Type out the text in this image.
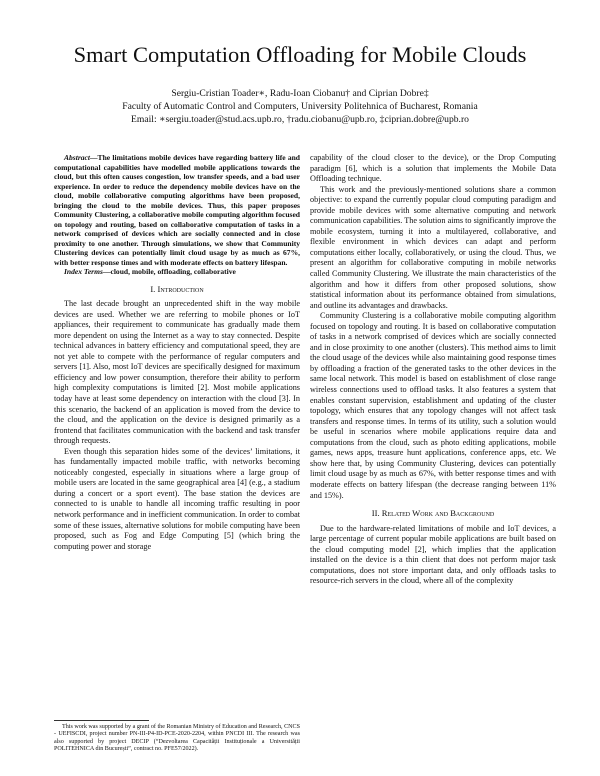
Smart Computation Offloading for Mobile Clouds
Sergiu-Cristian Toader∗, Radu-Ioan Ciobanu† and Ciprian Dobre‡
Faculty of Automatic Control and Computers, University Politehnica of Bucharest, Romania
Email: ∗sergiu.toader@stud.acs.upb.ro, †radu.ciobanu@upb.ro, ‡ciprian.dobre@upb.ro

Abstract—The limitations mobile devices have regarding battery life and computational capabilities have modelled mobile applications towards the cloud, but this often causes congestion, low transfer speeds, and a bad user experience. In order to reduce the dependency mobile devices have on the cloud, mobile collaborative computing algorithms have been proposed, bringing the cloud to the mobile devices. Thus, this paper proposes Community Clustering, a collaborative mobile computing algorithm focused on topology and routing, based on collaborative computation of tasks in a network comprised of devices which are socially connected and in close proximity to one another. Through simulations, we show that Community Clustering devices can potentially limit cloud usage by as much as 67%, with better response times and with moderate effects on battery lifespan.

Index Terms—cloud, mobile, offloading, collaborative

I. Introduction

The last decade brought an unprecedented shift in the way mobile devices are used. Whether we are referring to mobile phones or IoT appliances, their requirement to communicate has gradually made them more dependent on using the Internet as a way to stay connected. Despite technical advances in battery efficiency and computational speed, they are not yet able to compete with the performance of regular computers and servers [1]. Also, most IoT devices are specifically designed for maximum efficiency and low power consumption, therefore their ability to perform high complexity computations is limited [2]. Most mobile applications today have at least some dependency on interaction with the cloud [3]. In this scenario, the backend of an application is moved from the device to the cloud, and the application on the device is designed primarily as a frontend that facilitates communication with the backend and task transfer through requests.

Even though this separation hides some of the devices’ limitations, it has fundamentally impacted mobile traffic, with networks becoming noticeably congested, especially in situations where a large group of mobile users are located in the same geographical area [4] (e.g., a stadium during a concert or a sport event). The base station the devices are connected to is unable to handle all incoming traffic resulting in poor network performance and in inefficient communication. In order to combat some of these issues, alternative solutions for mobile computing have been proposed, such as Fog and Edge Computing [5] (which bring the computing power and storage

capability of the cloud closer to the device), or the Drop Computing paradigm [6], which is a solution that implements the Mobile Data Offloading technique.

This work and the previously-mentioned solutions share a common objective: to expand the currently popular cloud computing paradigm and provide mobile devices with some alternative computing and network communication capabilities. The solution aims to significantly improve the mobile ecosystem, turning it into a multilayered, collaborative, and flexible environment in which devices can adapt and perform computations either locally, collaboratively, or using the cloud. Thus, we present an algorithm for collaborative computing in mobile networks called Community Clustering. We illustrate the main characteristics of the algorithm and how it differs from other proposed solutions, show statistical information about its performance obtained from simulations, and outline its advantages and drawbacks.

Community Clustering is a collaborative mobile computing algorithm focused on topology and routing. It is based on collaborative computation of tasks in a network comprised of devices which are socially connected and in close proximity to one another (clusters). This method aims to limit the cloud usage of the devices while also maintaining good response times by offloading a fraction of the generated tasks to the other devices in the same local network. This model is based on establishment of close range wireless connections used to offload tasks. It also features a system that enables constant supervision, establishment and updating of the cluster topology, which ensures that any topology changes will not affect task transfers and response times. In terms of its utility, such a solution would be useful in scenarios where mobile applications require data and computations from the cloud, such as photo editing applications, mobile games, news apps, treasure hunt applications, conference apps, etc. We show here that, by using Community Clustering, devices can potentially limit cloud usage by as much as 67%, with better response times and with moderate effects on battery lifespan (the decrease ranging between 11% and 15%).

II. Related Work and Background

Due to the hardware-related limitations of mobile and IoT devices, a large percentage of current popular mobile applications are built based on the cloud computing model [2], which implies that the application installed on the device is a thin client that does not perform major task computations, does not store important data, and only offloads tasks to resource-rich servers in the cloud, where all of the complexity

This work was supported by a grant of the Romanian Ministry of Education and Research, CNCS - UEFISCDI, project number PN-III-P4-ID-PCE-2020-2204, within PNCDI III. The research was also supported by project DECIP (“Dezvoltarea Capacității Instituționale a Universității POLITEHNICA din București”, contract no. PFE57/2022).
